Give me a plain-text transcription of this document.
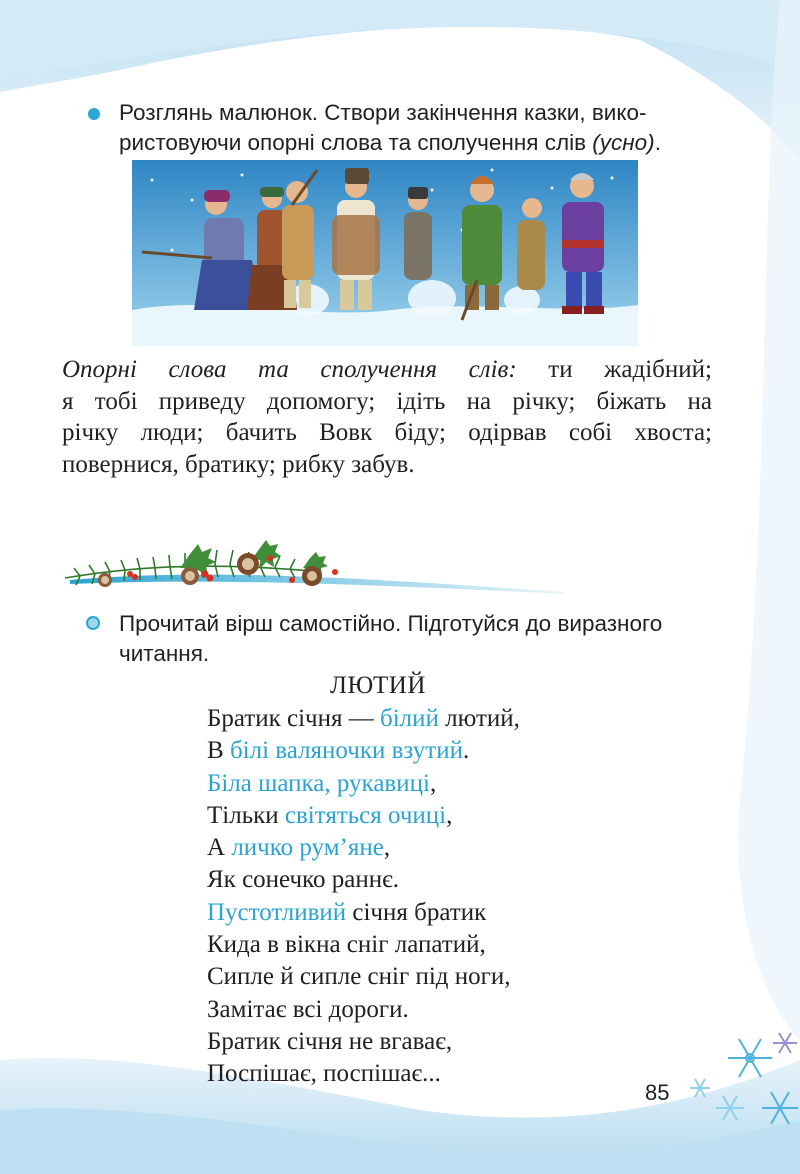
Розглянь малюнок. Створи закінчення казки, вико-
ристовуючи опорні слова та сполучення слів (усно).
Опорні слова та сполучення слів: ти жадібний;
я тобі приведу допомогу; ідіть на річку; біжать на
річку люди; бачить Вовк біду; одірвав собі хвоста;
повернися, братику; рибку забув.
Прочитай вірш самостійно. Підготуйся до виразного
читання.
ЛЮТИЙ
Братик січня — білий лютий,
В білі валяночки взутий.
Біла шапка, рукавиці,
Тільки світяться очиці,
А личко рум’яне,
Як сонечко раннє.
Пустотливий січня братик
Кида в вікна сніг лапатий,
Сипле й сипле сніг під ноги,
Замітає всі дороги.
Братик січня не вгаває,
Поспішає, поспішає...
85
